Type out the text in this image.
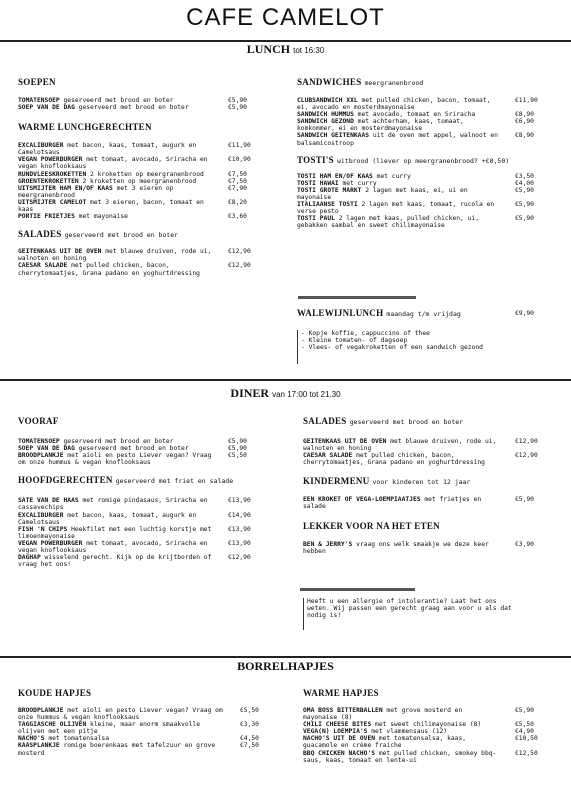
CAFE CAMELOT
LUNCH tot 16:30

SOEPEN

TOMATENSOEP geserveerd met brood en boter	€5,90
SOEP VAN DE DAG geserveerd met brood en boter	€5,90

WARME LUNCHGERECHTEN

EXCALIBURGER met bacon, kaas, tomaat, augurk en Camelotsaus
€11,90
VEGAN POWERBURGER met tomaat, avocado, Sriracha en vegan knoflooksaus
€10,90
RUNDVLEESKROKETTEN 2 kroketten op meergranenbrood	€7,50
GROENTEKROKETTEN 2 kroketten op meergranenbrood	€7,50
UITSMIJTER HAM EN/OF KAAS met 3 eieren op meergranenbrood
€7,90
UITSMIJTER CAMELOT met 3 eieren, bacon, tomaat en kaas
€8,20
PORTIE FRIETJES met mayonaise	€3,60

SALADES geserveerd met brood en boter

GEITENKAAS UIT DE OVEN met blauwe druiven, rode ui, walnoten en honing
€12,90
CAESAR SALADE met pulled chicken, bacon, cherrytomaatjes, Grana padano en yoghurtdressing
€12,90

SANDWICHES meergranenbrood

CLUBSANDWICH XXL met pulled chicken, bacon, tomaat, ei, avocado en mosterdmayonaise
€11,90
SANDWICH HUMMUS met avocado, tomaat en Sriracha	€8,90
SANDWICH GEZOND met achterham, kaas, tomaat, komkommer, ei en mosterdmayonaise
€6,90
SANDWICH GEITENKAAS uit de oven met appel, walnoot en balsamicostroop
€8,90

TOSTI'S witbrood (liever op meergranenbrood? +€0,50)

TOSTI HAM EN/OF KAAS met curry	€3,50
TOSTI HAWAI met curry	€4,00
TOSTI GROTE MARKT 2 lagen met kaas, ei, ui en mayonaise
€5,90
ITALIAANSE TOSTI 2 lagen met kaas, tomaat, rucola en verse pesto
€5,90
TOSTI PAUL 2 lagen met kaas, pulled chicken, ui, gebakken sambal en sweet chilimayonaise
€5,90

WALEWIJNLUNCH maandag t/m vrijdag	€9,90
- Kopje koffie, cappuccino of thee
- Kleine tomaten- of dagsoep
- Vlees- of vegakroketten of een sandwich gezond
DINER van 17:00 tot 21.30

VOORAF

TOMATENSOEP geserveerd met brood en boter	€5,90
SOEP VAN DE DAG geserveerd met brood en boter	€5,90
BROODPLANKJE met aioli en pesto Liever vegan? Vraag om onze hummus & vegan knoflooksaus
€5,50

HOOFDGERECHTEN geserveerd met friet en salade

SATE VAN DE HAAS met romige pindasaus, Sriracha en cassavechips
€13,90
EXCALIBURGER met bacon, kaas, tomaat, augurk en Camelotsaus
€14,90
FISH 'N CHIPS Heekfilet met een luchtig korstje met limoenmayonaise
€13,90
VEGAN POWERBURGER met tomaat, avocado, Sriracha en vegan knoflooksaus
€13,90
DAGHAP wisselend gerecht. Kijk op de krijtborden of vraag het ons!
€12,90

SALADES geserveerd met brood en boter

GEITENKAAS UIT DE OVEN met blauwe druiven, rode ui, walnoten en honing
€12,90
CAESAR SALADE met pulled chicken, bacon, cherrytomaatjes, Grana padano en yoghurtdressing
€12,90

KINDERMENU voor kinderen tot 12 jaar

EEN KROKET OF VEGA-LOEMPIAATJES met frietjes en salade
€5,90

LEKKER VOOR NA HET ETEN

BEN & JERRY'S vraag ons welk smaakje we deze keer hebben
€3,90
Heeft u een allergie of intolerantie? Laat het ons weten. Wij passen een gerecht graag aan voor u als dat nodig is!
BORRELHAPJES

KOUDE HAPJES

BROODPLANKJE met aioli en pesto Liever vegan? Vraag om onze hummus & vegan knoflooksaus
€5,50
TAGGIASCHE OLIJVEN kleine, maar enorm smaakvolle olijven met een pitje
€3,30
NACHO'S met tomatensalsa	€4,50
KAASPLANKJE romige boerenkaas met tafelzuur en grove mosterd
€7,50

WARME HAPJES

OMA BOSS BITTERBALLEN met grove mosterd en mayonaise (8)
€5,90
CHILI CHEESE BITES met sweet chilimayonaise (8)	€5,50
VEGA(N) LOEMPIA'S met vlammensaus (12)	€4,90
NACHO'S UIT DE OVEN met tomatensalsa, kaas, guacamole en crème fraiche
€10,50
BBQ CHICKEN NACHO'S met pulled chicken, smokey bbq-saus, kaas, tomaat en lente-ui
€12,50
